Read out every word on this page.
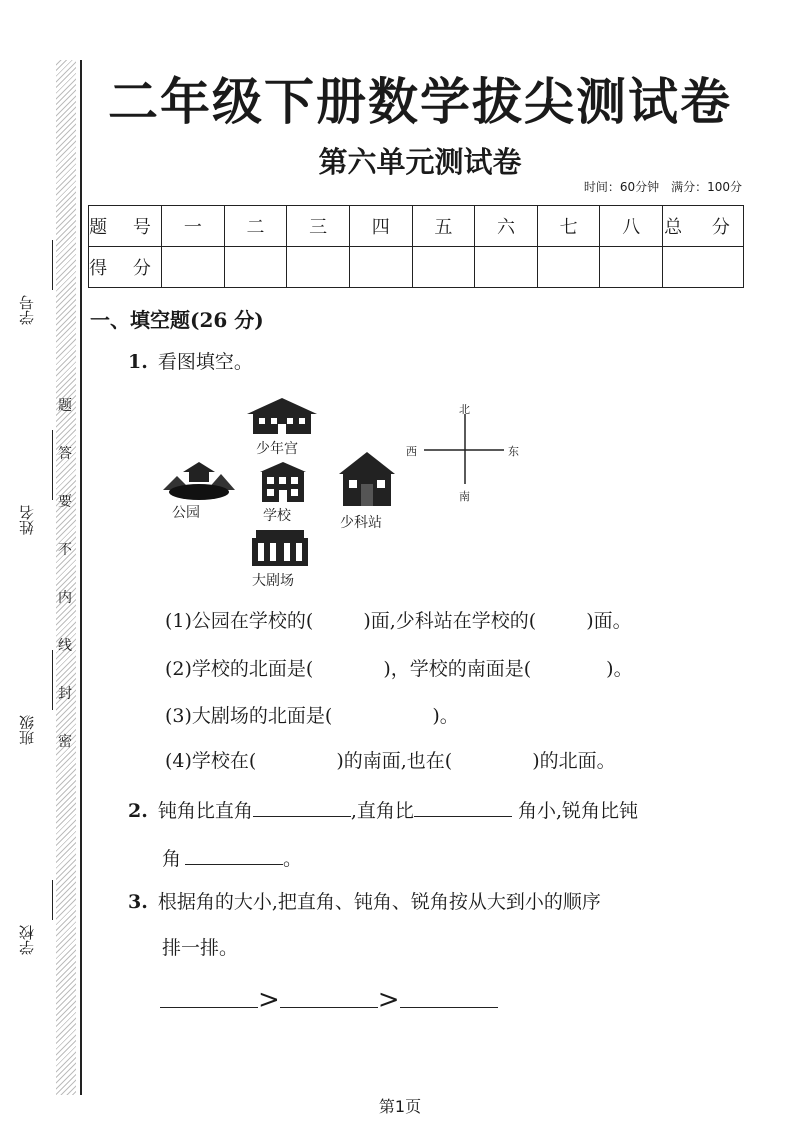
学号
姓名
班级
学校
题
答
要
不
内
线
封
密
二年级下册数学拔尖测试卷
第六单元测试卷
时间：60分钟　满分：100分
题 号	一	二	三	四	五	六	七	八	总 分
得 分									
一、填空题(26 分)
1. 看图填空。
少年宫
公园	学校	少科站
大剧场
北
南
东
西
(1)公园在学校的(	)面,少科站在学校的(	)面。
(2)学校的北面是(	)，学校的南面是(	)。
(3)大剧场的北面是(	)。
(4)学校在(	)的南面,也在(	)的北面。
2. 钝角比直角	,直角比	角小,锐角比钝
角	。
3. 根据角的大小,把直角、钝角、锐角按从大到小的顺序
排一排。
>	>
第1页
